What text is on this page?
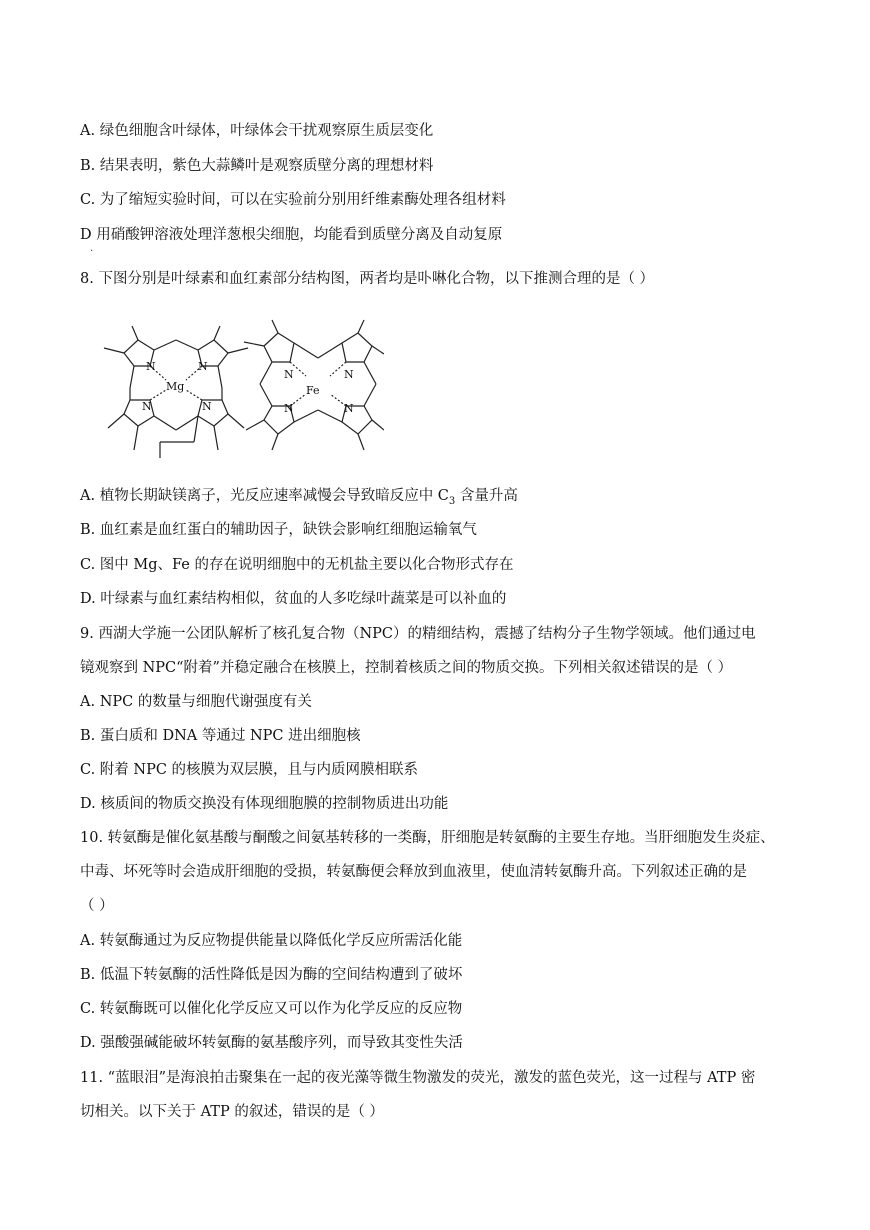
A. 绿色细胞含叶绿体，叶绿体会干扰观察原生质层变化
B. 结果表明，紫色大蒜鳞叶是观察质壁分离的理想材料
C. 为了缩短实验时间，可以在实验前分别用纤维素酶处理各组材料
D 用硝酸钾溶液处理洋葱根尖细胞，均能看到质壁分离及自动复原
.
8. 下图分别是叶绿素和血红素部分结构图，两者均是卟啉化合物，以下推测合理的是（ ）
N	N
N	N
Mg
N	N
N	N
Fe
A. 植物长期缺镁离子，光反应速率减慢会导致暗反应中 $C_3$ 含量升高
B. 血红素是血红蛋白的辅助因子，缺铁会影响红细胞运输氧气
C. 图中 Mg、Fe 的存在说明细胞中的无机盐主要以化合物形式存在
D. 叶绿素与血红素结构相似，贫血的人多吃绿叶蔬菜是可以补血的
9. 西湖大学施一公团队解析了核孔复合物（NPC）的精细结构，震撼了结构分子生物学领域。他们通过电
镜观察到 NPC“附着”并稳定融合在核膜上，控制着核质之间的物质交换。下列相关叙述错误的是（ ）
A. NPC 的数量与细胞代谢强度有关
B. 蛋白质和 DNA 等通过 NPC 进出细胞核
C. 附着 NPC 的核膜为双层膜，且与内质网膜相联系
D. 核质间的物质交换没有体现细胞膜的控制物质进出功能
10. 转氨酶是催化氨基酸与酮酸之间氨基转移的一类酶，肝细胞是转氨酶的主要生存地。当肝细胞发生炎症、
中毒、坏死等时会造成肝细胞的受损，转氨酶便会释放到血液里，使血清转氨酶升高。下列叙述正确的是
（ ）
A. 转氨酶通过为反应物提供能量以降低化学反应所需活化能
B. 低温下转氨酶的活性降低是因为酶的空间结构遭到了破坏
C. 转氨酶既可以催化化学反应又可以作为化学反应的反应物
D. 强酸强碱能破坏转氨酶的氨基酸序列，而导致其变性失活
11. “蓝眼泪”是海浪拍击聚集在一起的夜光藻等微生物激发的荧光，激发的蓝色荧光，这一过程与 ATP 密
切相关。以下关于 ATP 的叙述，错误的是（ ）
